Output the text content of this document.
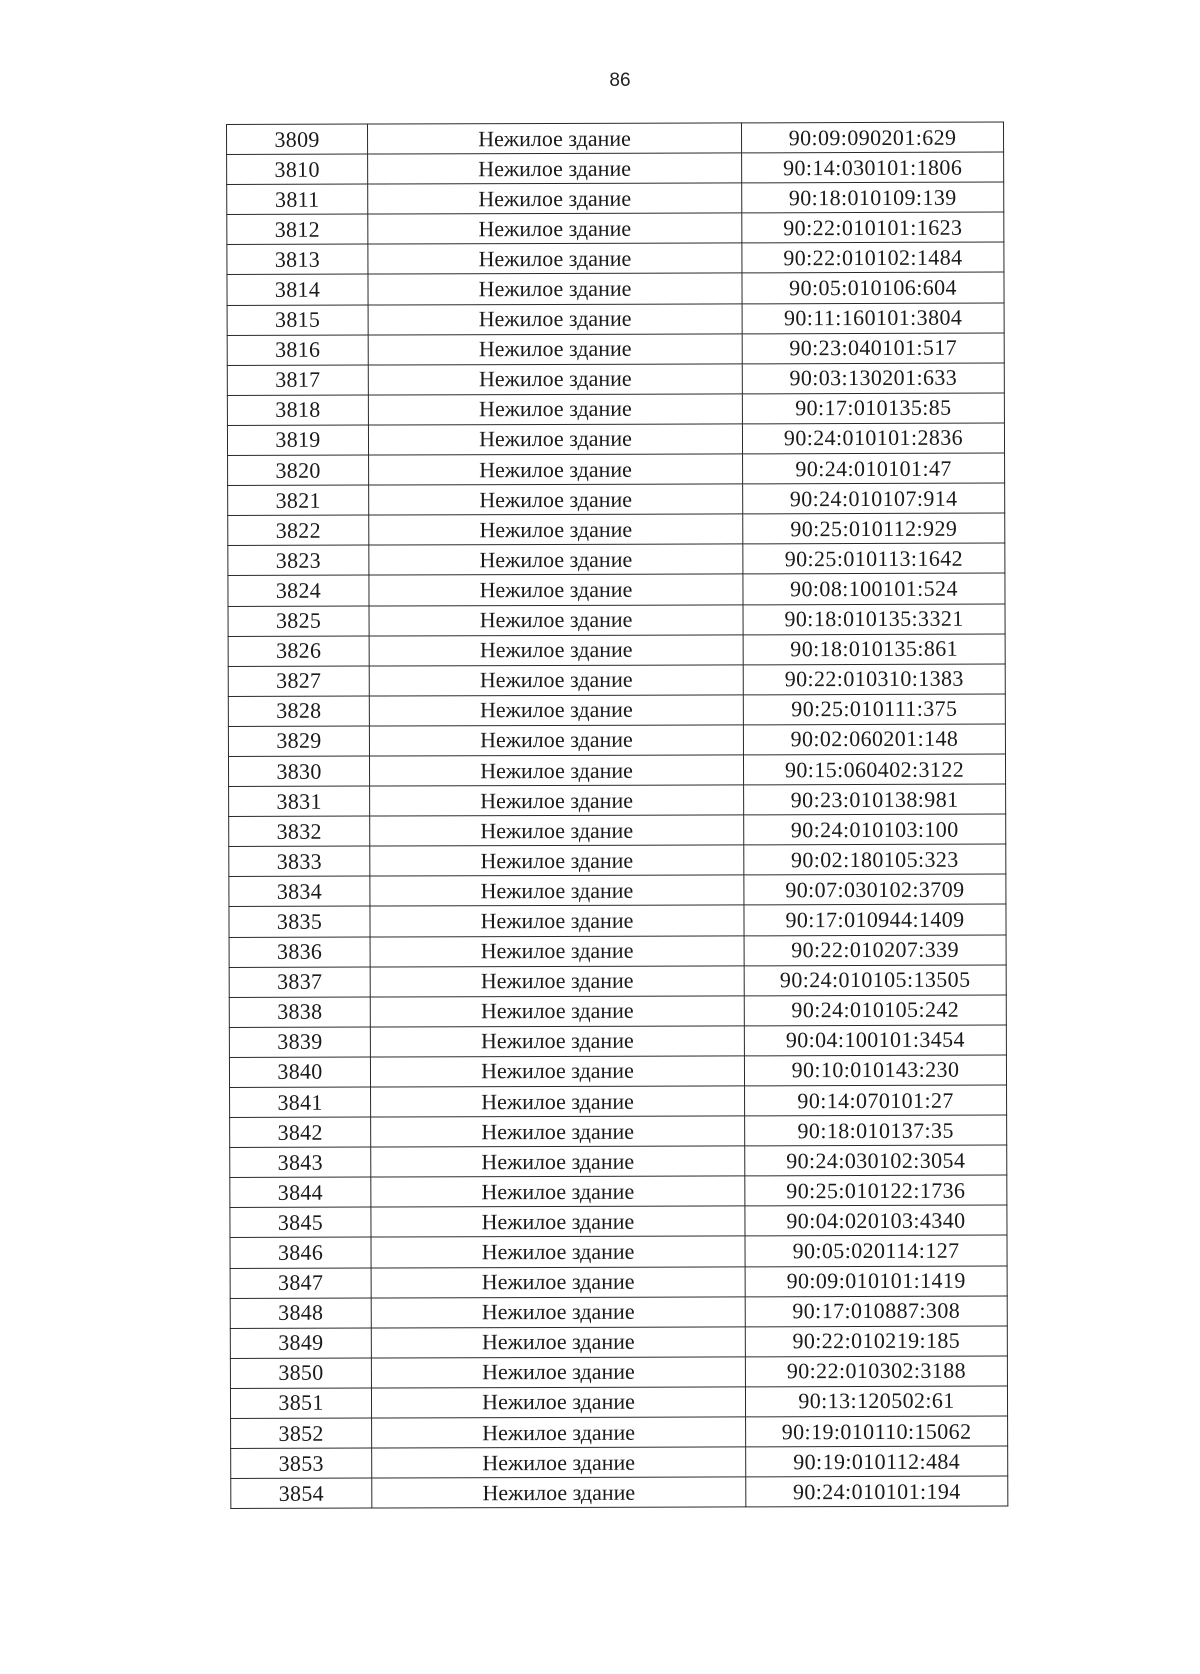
86
3809	Нежилое здание	90:09:090201:629
3810	Нежилое здание	90:14:030101:1806
3811	Нежилое здание	90:18:010109:139
3812	Нежилое здание	90:22:010101:1623
3813	Нежилое здание	90:22:010102:1484
3814	Нежилое здание	90:05:010106:604
3815	Нежилое здание	90:11:160101:3804
3816	Нежилое здание	90:23:040101:517
3817	Нежилое здание	90:03:130201:633
3818	Нежилое здание	90:17:010135:85
3819	Нежилое здание	90:24:010101:2836
3820	Нежилое здание	90:24:010101:47
3821	Нежилое здание	90:24:010107:914
3822	Нежилое здание	90:25:010112:929
3823	Нежилое здание	90:25:010113:1642
3824	Нежилое здание	90:08:100101:524
3825	Нежилое здание	90:18:010135:3321
3826	Нежилое здание	90:18:010135:861
3827	Нежилое здание	90:22:010310:1383
3828	Нежилое здание	90:25:010111:375
3829	Нежилое здание	90:02:060201:148
3830	Нежилое здание	90:15:060402:3122
3831	Нежилое здание	90:23:010138:981
3832	Нежилое здание	90:24:010103:100
3833	Нежилое здание	90:02:180105:323
3834	Нежилое здание	90:07:030102:3709
3835	Нежилое здание	90:17:010944:1409
3836	Нежилое здание	90:22:010207:339
3837	Нежилое здание	90:24:010105:13505
3838	Нежилое здание	90:24:010105:242
3839	Нежилое здание	90:04:100101:3454
3840	Нежилое здание	90:10:010143:230
3841	Нежилое здание	90:14:070101:27
3842	Нежилое здание	90:18:010137:35
3843	Нежилое здание	90:24:030102:3054
3844	Нежилое здание	90:25:010122:1736
3845	Нежилое здание	90:04:020103:4340
3846	Нежилое здание	90:05:020114:127
3847	Нежилое здание	90:09:010101:1419
3848	Нежилое здание	90:17:010887:308
3849	Нежилое здание	90:22:010219:185
3850	Нежилое здание	90:22:010302:3188
3851	Нежилое здание	90:13:120502:61
3852	Нежилое здание	90:19:010110:15062
3853	Нежилое здание	90:19:010112:484
3854	Нежилое здание	90:24:010101:194
